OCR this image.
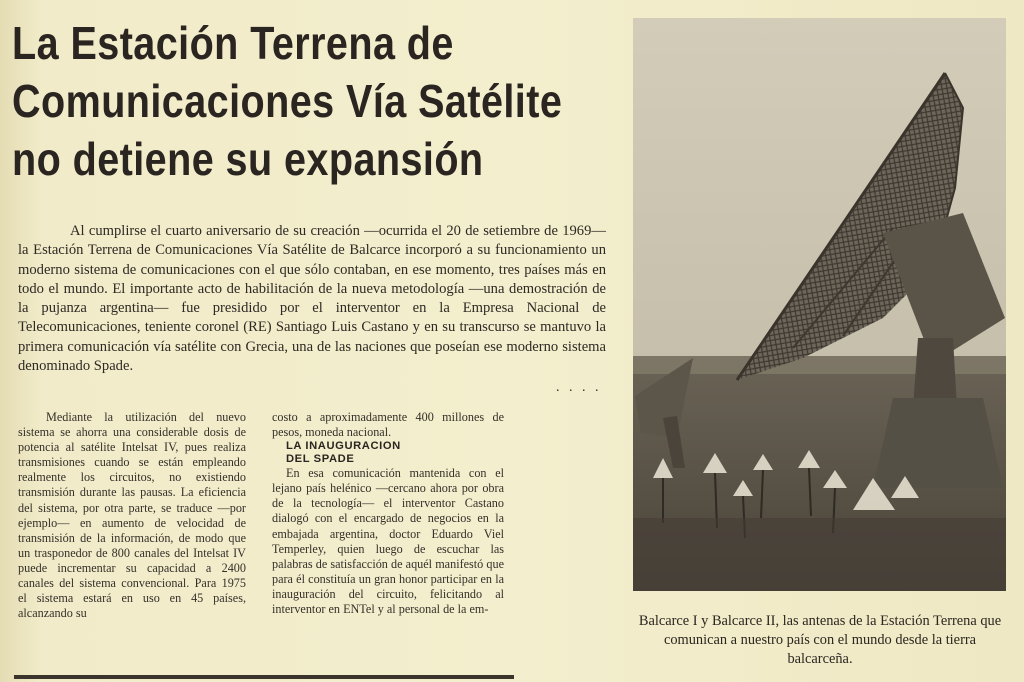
La Estación Terrena de
Comunicaciones Vía Satélite
no detiene su expansión

Al cumplirse el cuarto aniversario de su creación —ocurrida el 20 de setiembre de 1969— la Estación Terrena de Comunicaciones Vía Satélite de Balcarce incorporó a su funcionamiento un moderno sistema de comunicaciones con el que sólo contaban, en ese momento, tres países más en todo el mundo. El importante acto de habilitación de la nueva metodología —una demostración de la pujanza argentina— fue presidido por el interventor en la Empresa Nacional de Telecomunicaciones, teniente coronel (RE) Santiago Luis Castano y en su transcurso se mantuvo la primera comunicación vía satélite con Grecia, una de las naciones que poseían ese moderno sistema denominado Spade.

. . . .

Mediante la utilización del nuevo sistema se ahorra una considerable dosis de potencia al satélite Intelsat IV, pues realiza transmisiones cuando se están empleando realmente los circuitos, no existiendo transmisión durante las pausas. La eficiencia del sistema, por otra parte, se traduce —por ejemplo— en aumento de velocidad de transmisión de la información, de modo que un trasponedor de 800 canales del Intelsat IV puede incrementar su capacidad a 2400 canales del sistema convencional. Para 1975 el sistema estará en uso en 45 países, alcanzando su

costo a aproximadamente 400 millones de pesos, moneda nacional.

LA INAUGURACION

DEL SPADE

En esa comunicación mantenida con el lejano país helénico —cercano ahora por obra de la tecnología— el interventor Castano dialogó con el encargado de negocios en la embajada argentina, doctor Eduardo Viel Temperley, quien luego de escuchar las palabras de satisfacción de aquél manifestó que para él constituía un gran honor participar en la inauguración del circuito, felicitando al interventor en ENTel y al personal de la em-

Balcarce I y Balcarce II, las antenas de la Estación Terrena que comunican a nuestro país con el mundo desde la tierra balcarceña.
